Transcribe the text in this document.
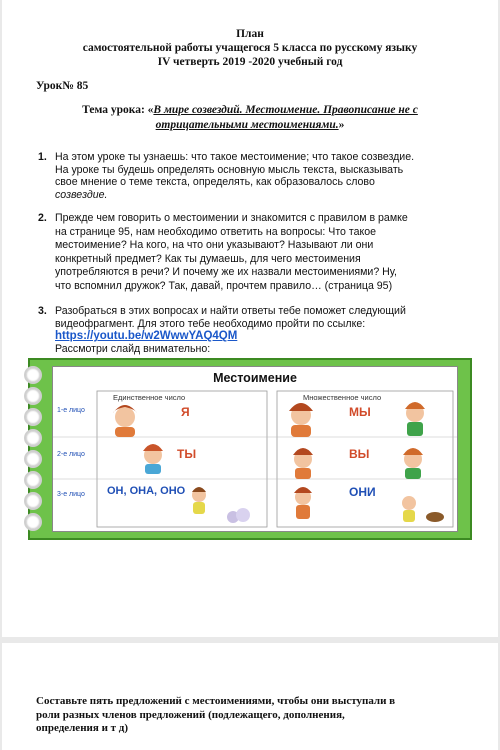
План
самостоятельной работы учащегося 5 класса по русскому языку
IV четверть 2019 -2020 учебный год
Урок№ 85
Тема урока: «В мире созвездий. Местоимение. Правописание не с
отрицательными местоимениями.»
1. На этом уроке ты узнаешь: что такое местоимение; что такое созвездие.
На уроке ты будешь определять основную мысль текста, высказывать
свое мнение о теме текста, определять, как образовалось слово
созвездие.
2. Прежде чем говорить о местоимении и знакомится с правилом в рамке
на странице 95, нам необходимо ответить на вопросы: Что такое
местоимение? На кого, на что они указывают? Называют ли они
конкретный предмет? Как ты думаешь, для чего местоимения
употребляются в речи? И почему же их назвали местоимениями? Ну,
что вспомнил дружок? Так, давай, прочтем правило… (страница 95)
3. Разобраться в этих вопросах и найти ответы тебе поможет следующий
видеофрагмент. Для этого тебе необходимо пройти по ссылке:
https://youtu.be/w2WwwYAQ4QM
Рассмотри слайд внимательно:
Местоимение
Единственное число	Множественное число
1-е лицо
2-е лицо
3-е лицо
Я
ТЫ
ОН, ОНА, ОНО
МЫ
ВЫ
ОНИ
Составьте пять предложений с местоимениями, чтобы они выступали в
роли разных членов предложений (подлежащего, дополнения,
определения и т д)
